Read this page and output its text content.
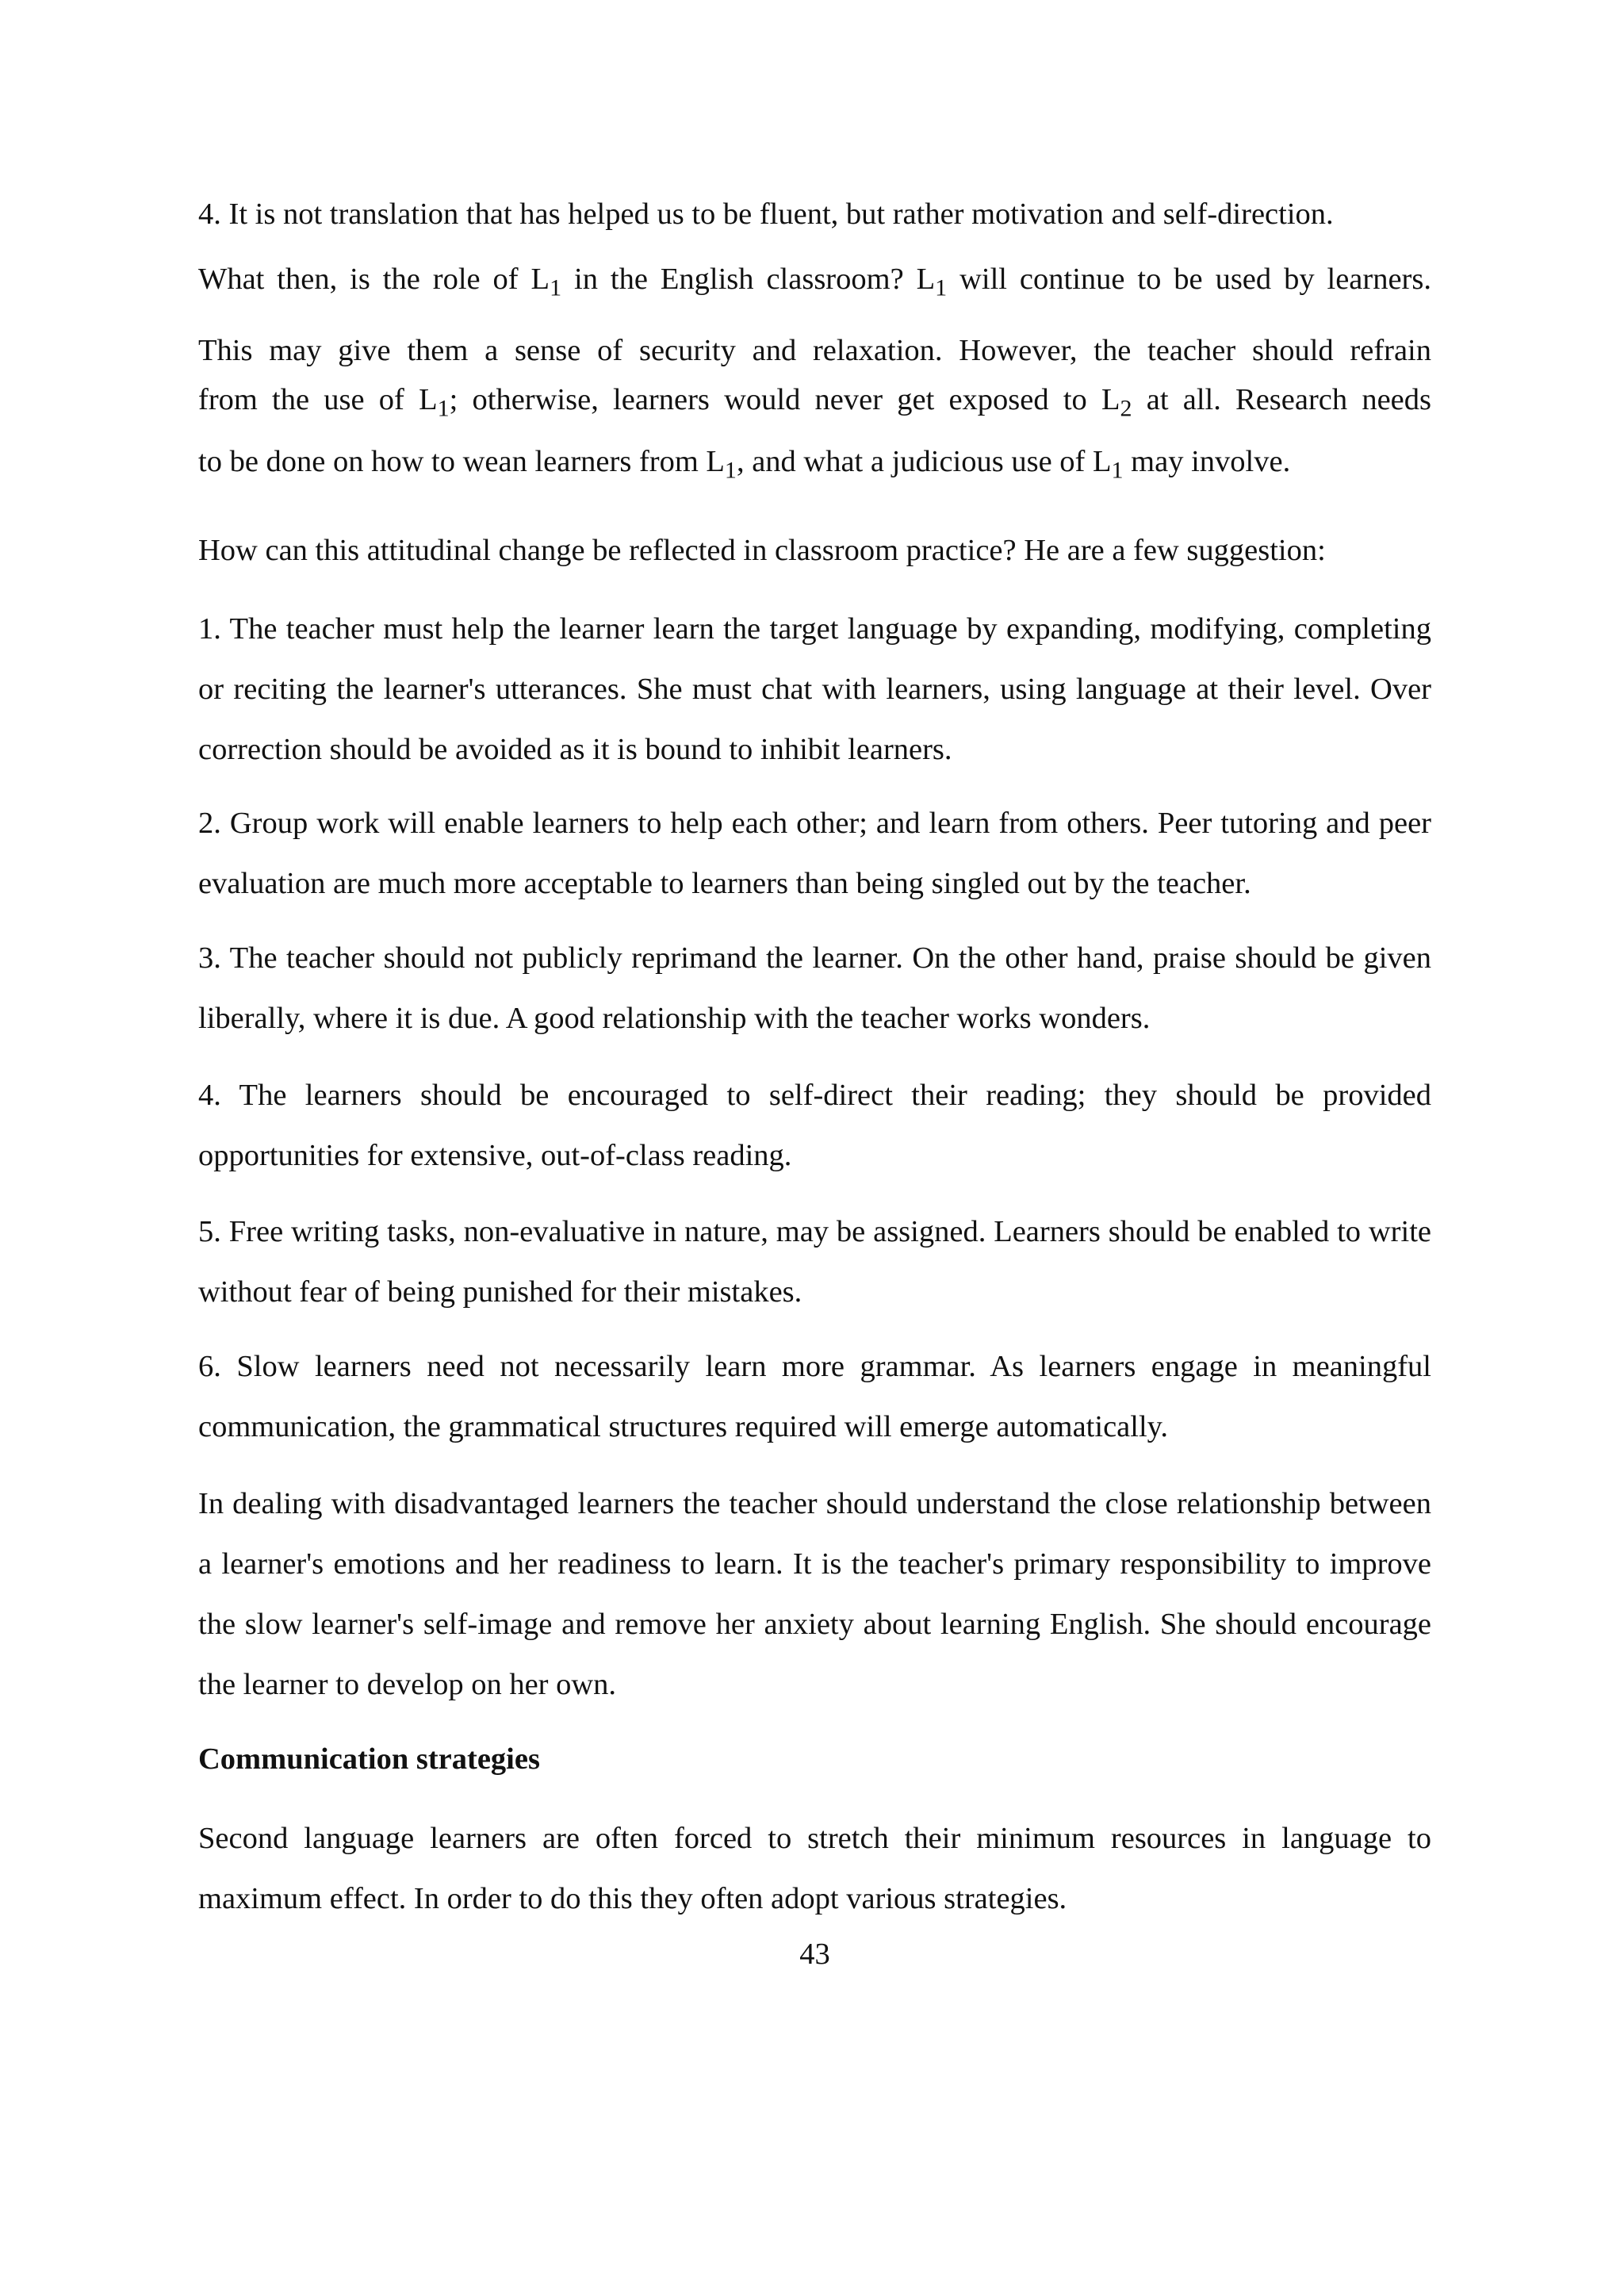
4. It is not translation that has helped us to be fluent, but rather motivation and self-direction.

What then, is the role of $L_1$ in the English classroom? $L_1$ will continue to be used by learners.

This may give them a sense of security and relaxation. However, the teacher should refrain

from the use of $L_1$; otherwise, learners would never get exposed to $L_2$ at all. Research needs

to be done on how to wean learners from $L_1$, and what a judicious use of $L_1$ may involve.

How can this attitudinal change be reflected in classroom practice? He are a few suggestion:

1. The teacher must help the learner learn the target language by expanding, modifying, completing or reciting the learner's utterances. She must chat with learners, using language at their level. Over correction should be avoided as it is bound to inhibit learners.

2. Group work will enable learners to help each other; and learn from others. Peer tutoring and peer evaluation are much more acceptable to learners than being singled out by the teacher.

3. The teacher should not publicly reprimand the learner. On the other hand, praise should be given liberally, where it is due. A good relationship with the teacher works wonders.

4. The learners should be encouraged to self-direct their reading; they should be provided opportunities for extensive, out-of-class reading.

5. Free writing tasks, non-evaluative in nature, may be assigned. Learners should be enabled to write without fear of being punished for their mistakes.

6. Slow learners need not necessarily learn more grammar. As learners engage in meaningful communication, the grammatical structures required will emerge automatically.

In dealing with disadvantaged learners the teacher should understand the close relationship between a learner's emotions and her readiness to learn. It is the teacher's primary responsibility to improve the slow learner's self-image and remove her anxiety about learning English. She should encourage the learner to develop on her own.

Communication strategies

Second language learners are often forced to stretch their minimum resources in language to maximum effect. In order to do this they often adopt various strategies.

43
